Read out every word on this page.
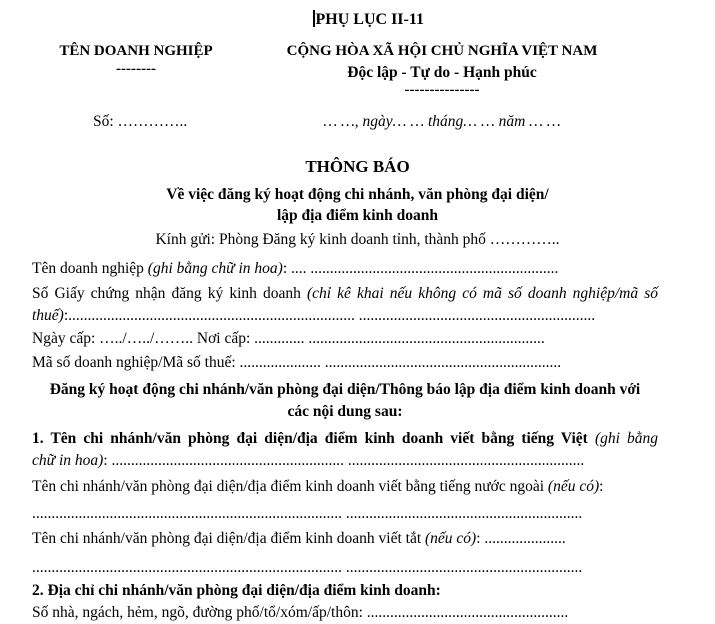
PHỤ LỤC II-11
TÊN DOANH NGHIỆP
--------
CỘNG HÒA XÃ HỘI CHỦ NGHĨA VIỆT NAM
Độc lập - Tự do - Hạnh phúc
---------------
Số: …………..	… …, ngày… … tháng… … năm … …
THÔNG BÁO
Về việc đăng ký hoạt động chi nhánh, văn phòng đại diện/
lập địa điểm kinh doanh
Kính gửi: Phòng Đăng ký kinh doanh tỉnh, thành phố …………..
Tên doanh nghiệp (ghi bằng chữ in hoa): .... ................................................................
Số Giấy chứng nhận đăng ký kinh doanh (chỉ kê khai nếu không có mã số doanh nghiệp/mã số
thuế):.......................................................................... .............................................................
Ngày cấp: …../…../…….. Nơi cấp: ............. .............................................................
Mã số doanh nghiệp/Mã số thuế: ..................... .............................................................
Đăng ký hoạt động chi nhánh/văn phòng đại diện/Thông báo lập địa điểm kinh doanh với
các nội dung sau:
1. Tên chi nhánh/văn phòng đại diện/địa điểm kinh doanh viết bằng tiếng Việt (ghi bằng
chữ in hoa): ............................................................ .............................................................
Tên chi nhánh/văn phòng đại diện/địa điểm kinh doanh viết bằng tiếng nước ngoài (nếu có):
................................................................................ .............................................................
Tên chi nhánh/văn phòng đại diện/địa điểm kinh doanh viết tắt (nếu có): .....................
................................................................................ .............................................................
2. Địa chỉ chi nhánh/văn phòng đại diện/địa điểm kinh doanh:
Số nhà, ngách, hẻm, ngõ, đường phố/tổ/xóm/ấp/thôn: ....................................................
